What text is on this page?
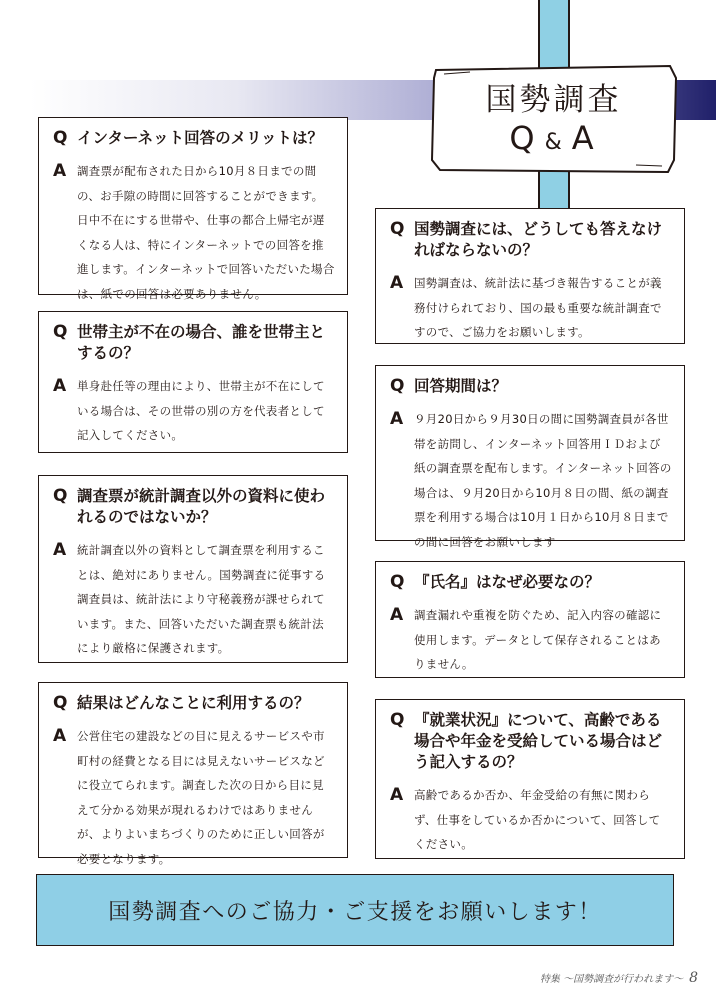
国勢調査
Q & A
Q インターネット回答のメリットは？
A 調査票が配布された日から10月８日までの間の、お手隙の時間に回答することができます。日中不在にする世帯や、仕事の都合上帰宅が遅くなる人は、特にインターネットでの回答を推進します。インターネットで回答いただいた場合は、紙での回答は必要ありません。
Q 世帯主が不在の場合、誰を世帯主とするの？
A 単身赴任等の理由により、世帯主が不在にしている場合は、その世帯の別の方を代表者として記入してください。
Q 調査票が統計調査以外の資料に使われるのではないか？
A 統計調査以外の資料として調査票を利用することは、絶対にありません。国勢調査に従事する調査員は、統計法により守秘義務が課せられています。また、回答いただいた調査票も統計法により厳格に保護されます。
Q 結果はどんなことに利用するの？
A 公営住宅の建設などの目に見えるサービスや市町村の経費となる目には見えないサービスなどに役立てられます。調査した次の日から目に見えて分かる効果が現れるわけではありませんが、よりよいまちづくりのために正しい回答が必要となります。
Q 国勢調査には、どうしても答えなければならないの？
A 国勢調査は、統計法に基づき報告することが義務付けられており、国の最も重要な統計調査ですので、ご協力をお願いします。
Q 回答期間は？
A ９月20日から９月30日の間に国勢調査員が各世帯を訪問し、インターネット回答用ＩＤおよび紙の調査票を配布します。インターネット回答の場合は、９月20日から10月８日の間、紙の調査票を利用する場合は10月１日から10月８日までの間に回答をお願いします
Q 『氏名』はなぜ必要なの？
A 調査漏れや重複を防ぐため、記入内容の確認に使用します。データとして保存されることはありません。
Q 『就業状況』について、高齢である場合や年金を受給している場合はどう記入するの？
A 高齢であるか否か、年金受給の有無に関わらず、仕事をしているか否かについて、回答してください。
国勢調査へのご協力・ご支援をお願いします！
特集 ～国勢調査が行われます～ 8
